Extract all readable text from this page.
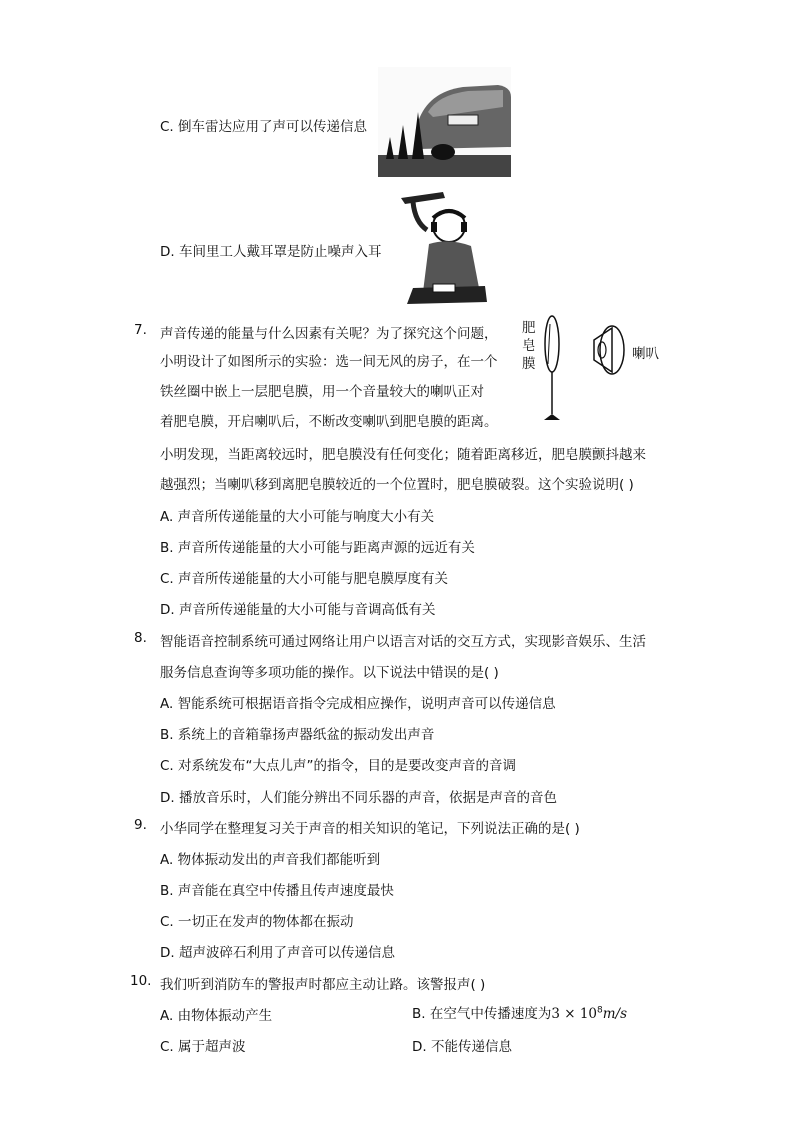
C. 倒车雷达应用了声可以传递信息
D. 车间里工人戴耳罩是防止噪声入耳
7. 声音传递的能量与什么因素有关呢？为了探究这个问题，
小明设计了如图所示的实验：选一间无风的房子，在一个
铁丝圈中嵌上一层肥皂膜，用一个音量较大的喇叭正对
着肥皂膜，开启喇叭后，不断改变喇叭到肥皂膜的距离。
小明发现，当距离较远时，肥皂膜没有任何变化；随着距离移近，肥皂膜颤抖越来
越强烈；当喇叭移到离肥皂膜较近的一个位置时，肥皂膜破裂。这个实验说明( )
肥
皂
膜
喇叭
A. 声音所传递能量的大小可能与响度大小有关
B. 声音所传递能量的大小可能与距离声源的远近有关
C. 声音所传递能量的大小可能与肥皂膜厚度有关
D. 声音所传递能量的大小可能与音调高低有关
8. 智能语音控制系统可通过网络让用户以语言对话的交互方式，实现影音娱乐、生活
服务信息查询等多项功能的操作。以下说法中错误的是( )
A. 智能系统可根据语音指令完成相应操作，说明声音可以传递信息
B. 系统上的音箱靠扬声器纸盆的振动发出声音
C. 对系统发布“大点儿声”的指令，目的是要改变声音的音调
D. 播放音乐时，人们能分辨出不同乐器的声音，依据是声音的音色
9. 小华同学在整理复习关于声音的相关知识的笔记，下列说法正确的是( )
A. 物体振动发出的声音我们都能听到
B. 声音能在真空中传播且传声速度最快
C. 一切正在发声的物体都在振动
D. 超声波碎石利用了声音可以传递信息
10. 我们听到消防车的警报声时都应主动让路。该警报声( )
A. 由物体振动产生	B. 在空气中传播速度为$3 \times 10^8m/s$
C. 属于超声波	D. 不能传递信息
